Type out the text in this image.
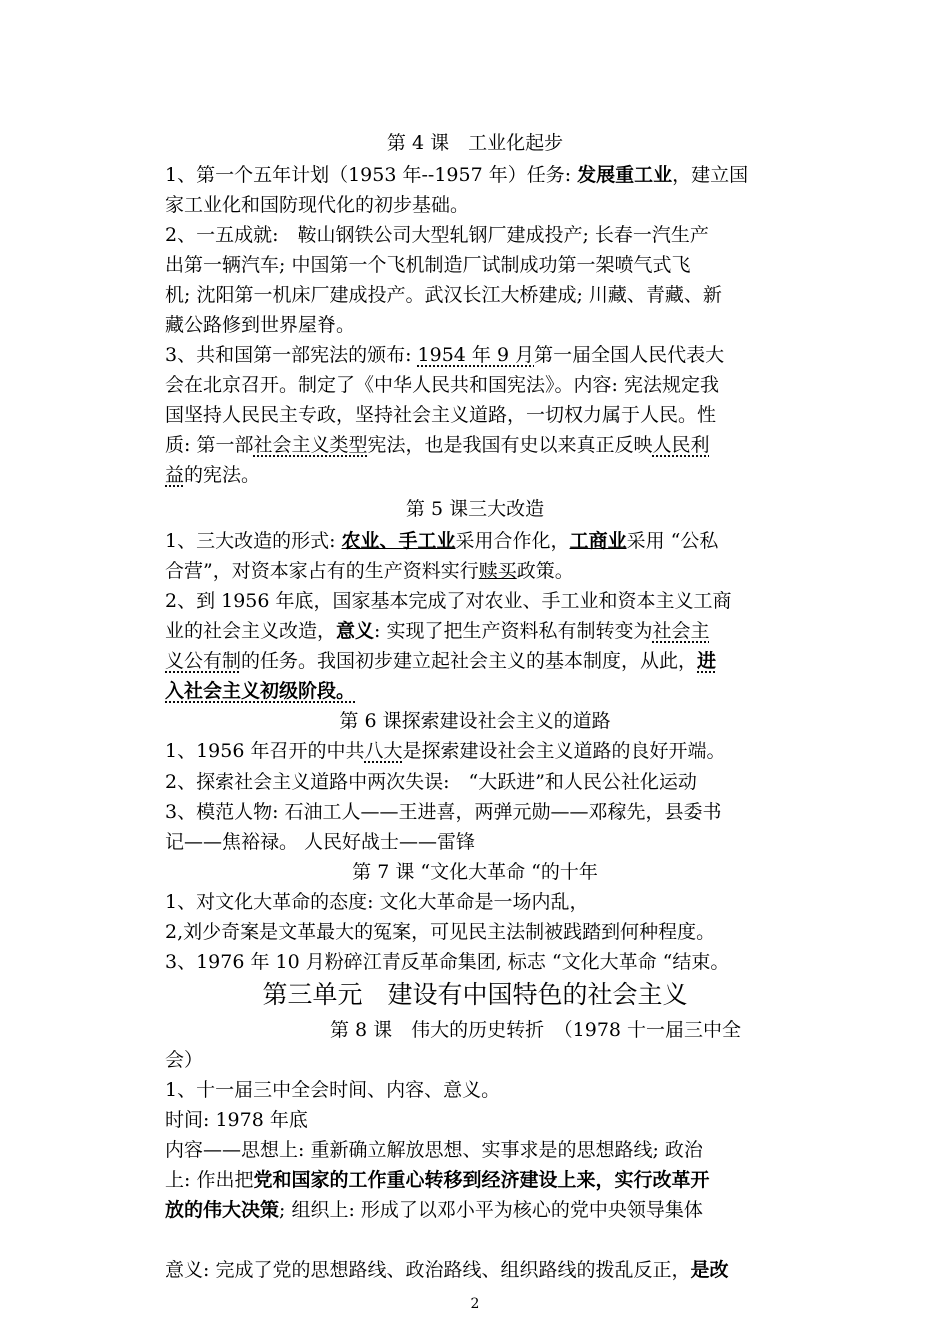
第 4 课　工业化起步
1、第一个五年计划（1953 年--1957 年）任务: 发展重工业，建立国
家工业化和国防现代化的初步基础。
2、一五成就:　鞍山钢铁公司大型轧钢厂建成投产; 长春一汽生产
出第一辆汽车; 中国第一个飞机制造厂试制成功第一架喷气式飞
机; 沈阳第一机床厂建成投产。武汉长江大桥建成; 川藏、青藏、新
藏公路修到世界屋脊。
3、共和国第一部宪法的颁布: 1954 年 9 月第一届全国人民代表大
会在北京召开。制定了《中华人民共和国宪法》。内容: 宪法规定我
国坚持人民民主专政，坚持社会主义道路，一切权力属于人民。性
质: 第一部社会主义类型宪法，也是我国有史以来真正反映人民利
益的宪法。
第 5 课三大改造
1、三大改造的形式: 农业、手工业采用合作化，工商业采用 “公私
合营”，对资本家占有的生产资料实行赎买政策。
2、到 1956 年底，国家基本完成了对农业、手工业和资本主义工商
业的社会主义改造，意义: 实现了把生产资料私有制转变为社会主
义公有制的任务。我国初步建立起社会主义的基本制度，从此，进
入社会主义初级阶段。
第 6 课探索建设社会主义的道路
1、1956 年召开的中共八大是探索建设社会主义道路的良好开端。
2、探索社会主义道路中两次失误:　“大跃进”和人民公社化运动
3、模范人物: 石油工人——王进喜，两弹元勋——邓稼先，县委书
记——焦裕禄。 人民好战士——雷锋
第 7 课 “文化大革命 “的十年
1、对文化大革命的态度: 文化大革命是一场内乱，
2,刘少奇案是文革最大的冤案，可见民主法制被践踏到何种程度。
3、1976 年 10 月粉碎江青反革命集团, 标志 “文化大革命 “结束。
第三单元　建设有中国特色的社会主义
第 8 课　伟大的历史转折　（1978 十一届三中全
会）
1、十一届三中全会时间、内容、意义。
时间: 1978 年底
内容——思想上: 重新确立解放思想、实事求是的思想路线; 政治
上: 作出把党和国家的工作重心转移到经济建设上来，实行改革开
放的伟大决策; 组织上: 形成了以邓小平为核心的党中央领导集体
意义: 完成了党的思想路线、政治路线、组织路线的拨乱反正，是改
2
